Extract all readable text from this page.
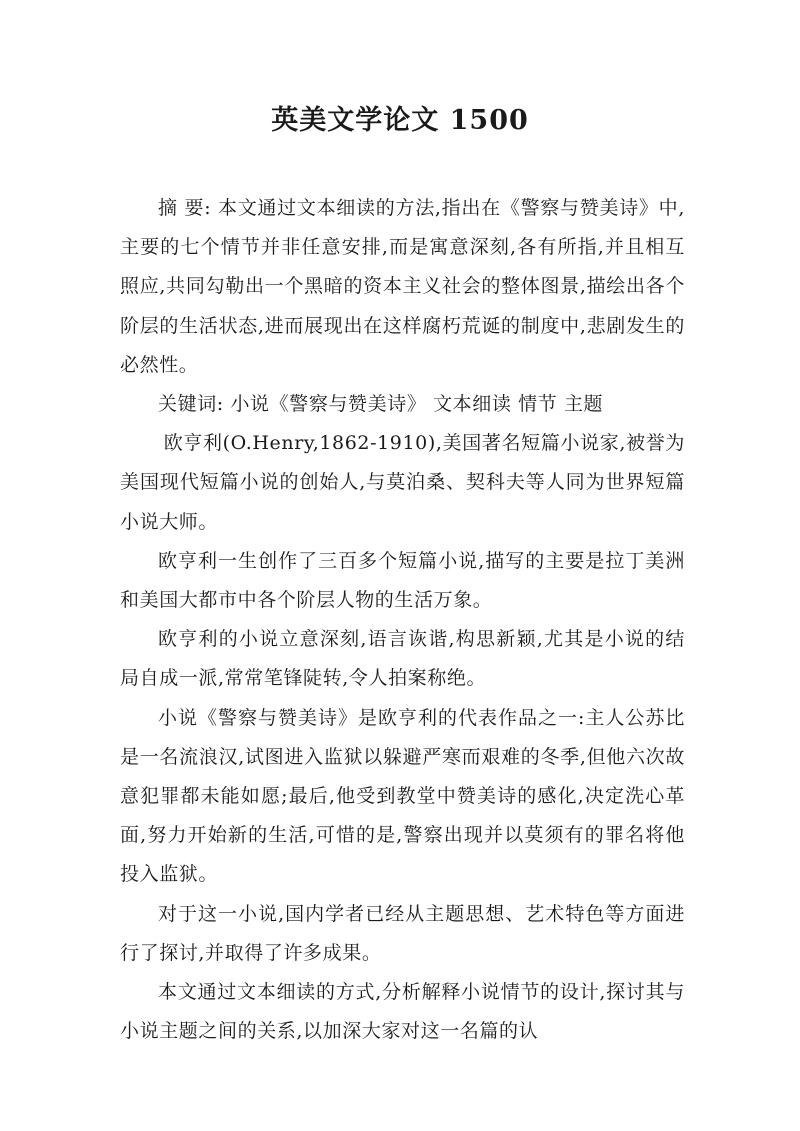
英美文学论文 1500

摘 要: 本文通过文本细读的方法,指出在《警察与赞美诗》中,主要的七个情节并非任意安排,而是寓意深刻,各有所指,并且相互照应,共同勾勒出一个黑暗的资本主义社会的整体图景,描绘出各个阶层的生活状态,进而展现出在这样腐朽荒诞的制度中,悲剧发生的必然性。

关键词: 小说《警察与赞美诗》 文本细读 情节 主题

欧亨利(O.Henry,1862-1910),美国著名短篇小说家,被誉为美国现代短篇小说的创始人,与莫泊桑、契科夫等人同为世界短篇小说大师。

欧亨利一生创作了三百多个短篇小说,描写的主要是拉丁美洲和美国大都市中各个阶层人物的生活万象。

欧亨利的小说立意深刻,语言诙谐,构思新颖,尤其是小说的结局自成一派,常常笔锋陡转,令人拍案称绝。

小说《警察与赞美诗》是欧亨利的代表作品之一:主人公苏比是一名流浪汉,试图进入监狱以躲避严寒而艰难的冬季,但他六次故意犯罪都未能如愿;最后,他受到教堂中赞美诗的感化,决定洗心革面,努力开始新的生活,可惜的是,警察出现并以莫须有的罪名将他投入监狱。

对于这一小说,国内学者已经从主题思想、艺术特色等方面进行了探讨,并取得了许多成果。

本文通过文本细读的方式,分析解释小说情节的设计,探讨其与小说主题之间的关系,以加深大家对这一名篇的认
